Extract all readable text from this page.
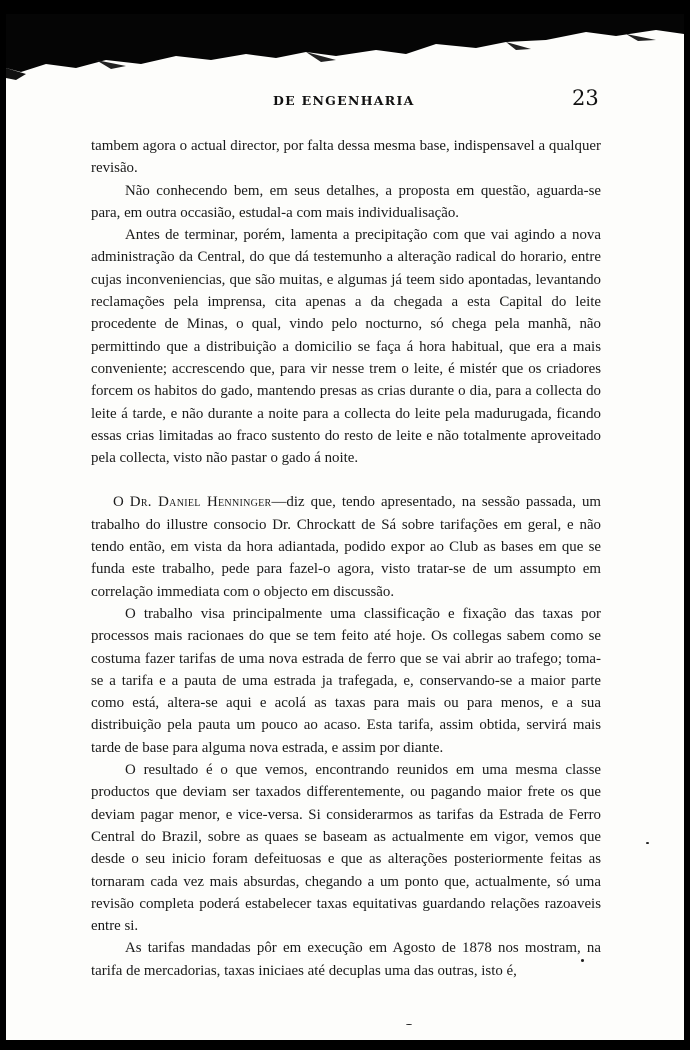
DE ENGENHARIA	23

tambem agora o actual director, por falta dessa mesma base, indispensavel a qualquer revisão.

Não conhecendo bem, em seus detalhes, a proposta em questão, aguarda-se para, em outra occasião, estudal-a com mais individualisação.

Antes de terminar, porém, lamenta a precipitação com que vai agindo a nova administração da Central, do que dá testemunho a alteração radical do horario, entre cujas inconveniencias, que são muitas, e algumas já teem sido apontadas, levantando reclamações pela imprensa, cita apenas a da chegada a esta Capital do leite procedente de Minas, o qual, vindo pelo nocturno, só chega pela manhã, não permittindo que a distribuição a domicilio se faça á hora habitual, que era a mais conveniente; accrescendo que, para vir nesse trem o leite, é mistér que os criadores forcem os habitos do gado, mantendo presas as crias durante o dia, para a collecta do leite á tarde, e não durante a noite para a collecta do leite pela madurugada, ficando essas crias limitadas ao fraco sustento do resto de leite e não totalmente aproveitado pela collecta, visto não pastar o gado á noite.

O Dr. Daniel Henninger—diz que, tendo apresentado, na sessão passada, um trabalho do illustre consocio Dr. Chrockatt de Sá sobre tarifações em geral, e não tendo então, em vista da hora adiantada, podido expor ao Club as bases em que se funda este trabalho, pede para fazel-o agora, visto tratar-se de um assumpto em correlação immediata com o objecto em discussão.

O trabalho visa principalmente uma classificação e fixação das taxas por processos mais racionaes do que se tem feito até hoje. Os collegas sabem como se costuma fazer tarifas de uma nova estrada de ferro que se vai abrir ao trafego; toma-se a tarifa e a pauta de uma estrada ja trafegada, e, conservando-se a maior parte como está, altera-se aqui e acolá as taxas para mais ou para menos, e a sua distribuição pela pauta um pouco ao acaso. Esta tarifa, assim obtida, servirá mais tarde de base para alguma nova estrada, e assim por diante.

O resultado é o que vemos, encontrando reunidos em uma mesma classe productos que deviam ser taxados differentemente, ou pagando maior frete os que deviam pagar menor, e vice-versa. Si considerarmos as tarifas da Estrada de Ferro Central do Brazil, sobre as quaes se baseam as actualmente em vigor, vemos que desde o seu inicio foram defeituosas e que as alterações posteriormente feitas as tornaram cada vez mais absurdas, chegando a um ponto que, actualmente, só uma revisão completa poderá estabelecer taxas equitativas guardando relações razoaveis entre si.

As tarifas mandadas pôr em execução em Agosto de 1878 nos mostram, na tarifa de mercadorias, taxas iniciaes até decuplas uma das outras, isto é,
